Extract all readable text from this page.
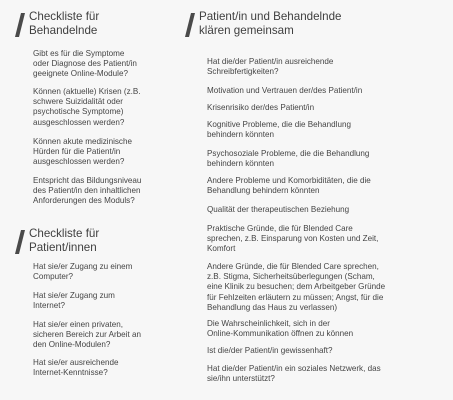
Checkliste für
Behandelnde
Gibt es für die Symptome
oder Diagnose des Patient/in
geeignete Online-Module?
Können (aktuelle) Krisen (z.B.
schwere Suizidalität oder
psychotische Symptome)
ausgeschlossen werden?
Können akute medizinische
Hürden für die Patient/in
ausgeschlossen werden?
Entspricht das Bildungsniveau
des Patient/in den inhaltlichen
Anforderungen des Moduls?
Checkliste für
Patient/innen
Hat sie/er Zugang zu einem
Computer?
Hat sie/er Zugang zum
Internet?
Hat sie/er einen privaten,
sicheren Bereich zur Arbeit an
den Online-Modulen?
Hat sie/er ausreichende
Internet-Kenntnisse?
Patient/in und Behandelnde
klären gemeinsam
Hat die/der Patient/in ausreichende
Schreibfertigkeiten?
Motivation und Vertrauen der/des Patient/in
Krisenrisiko der/des Patient/in
Kognitive Probleme, die die Behandlung
behindern könnten
Psychosoziale Probleme, die die Behandlung
behindern könnten
Andere Probleme und Komorbiditäten, die die
Behandlung behindern könnten
Qualität der therapeutischen Beziehung
Praktische Gründe, die für Blended Care
sprechen, z.B. Einsparung von Kosten und Zeit,
Komfort
Andere Gründe, die für Blended Care sprechen,
z.B. Stigma, Sicherheitsüberlegungen (Scham,
eine Klinik zu besuchen; dem Arbeitgeber Gründe
für Fehlzeiten erläutern zu müssen; Angst, für die
Behandlung das Haus zu verlassen)
Die Wahrscheinlichkeit, sich in der
Online-Kommunikation öffnen zu können
Ist die/der Patient/in gewissenhaft?
Hat die/der Patient/in ein soziales Netzwerk, das
sie/ihn unterstützt?
